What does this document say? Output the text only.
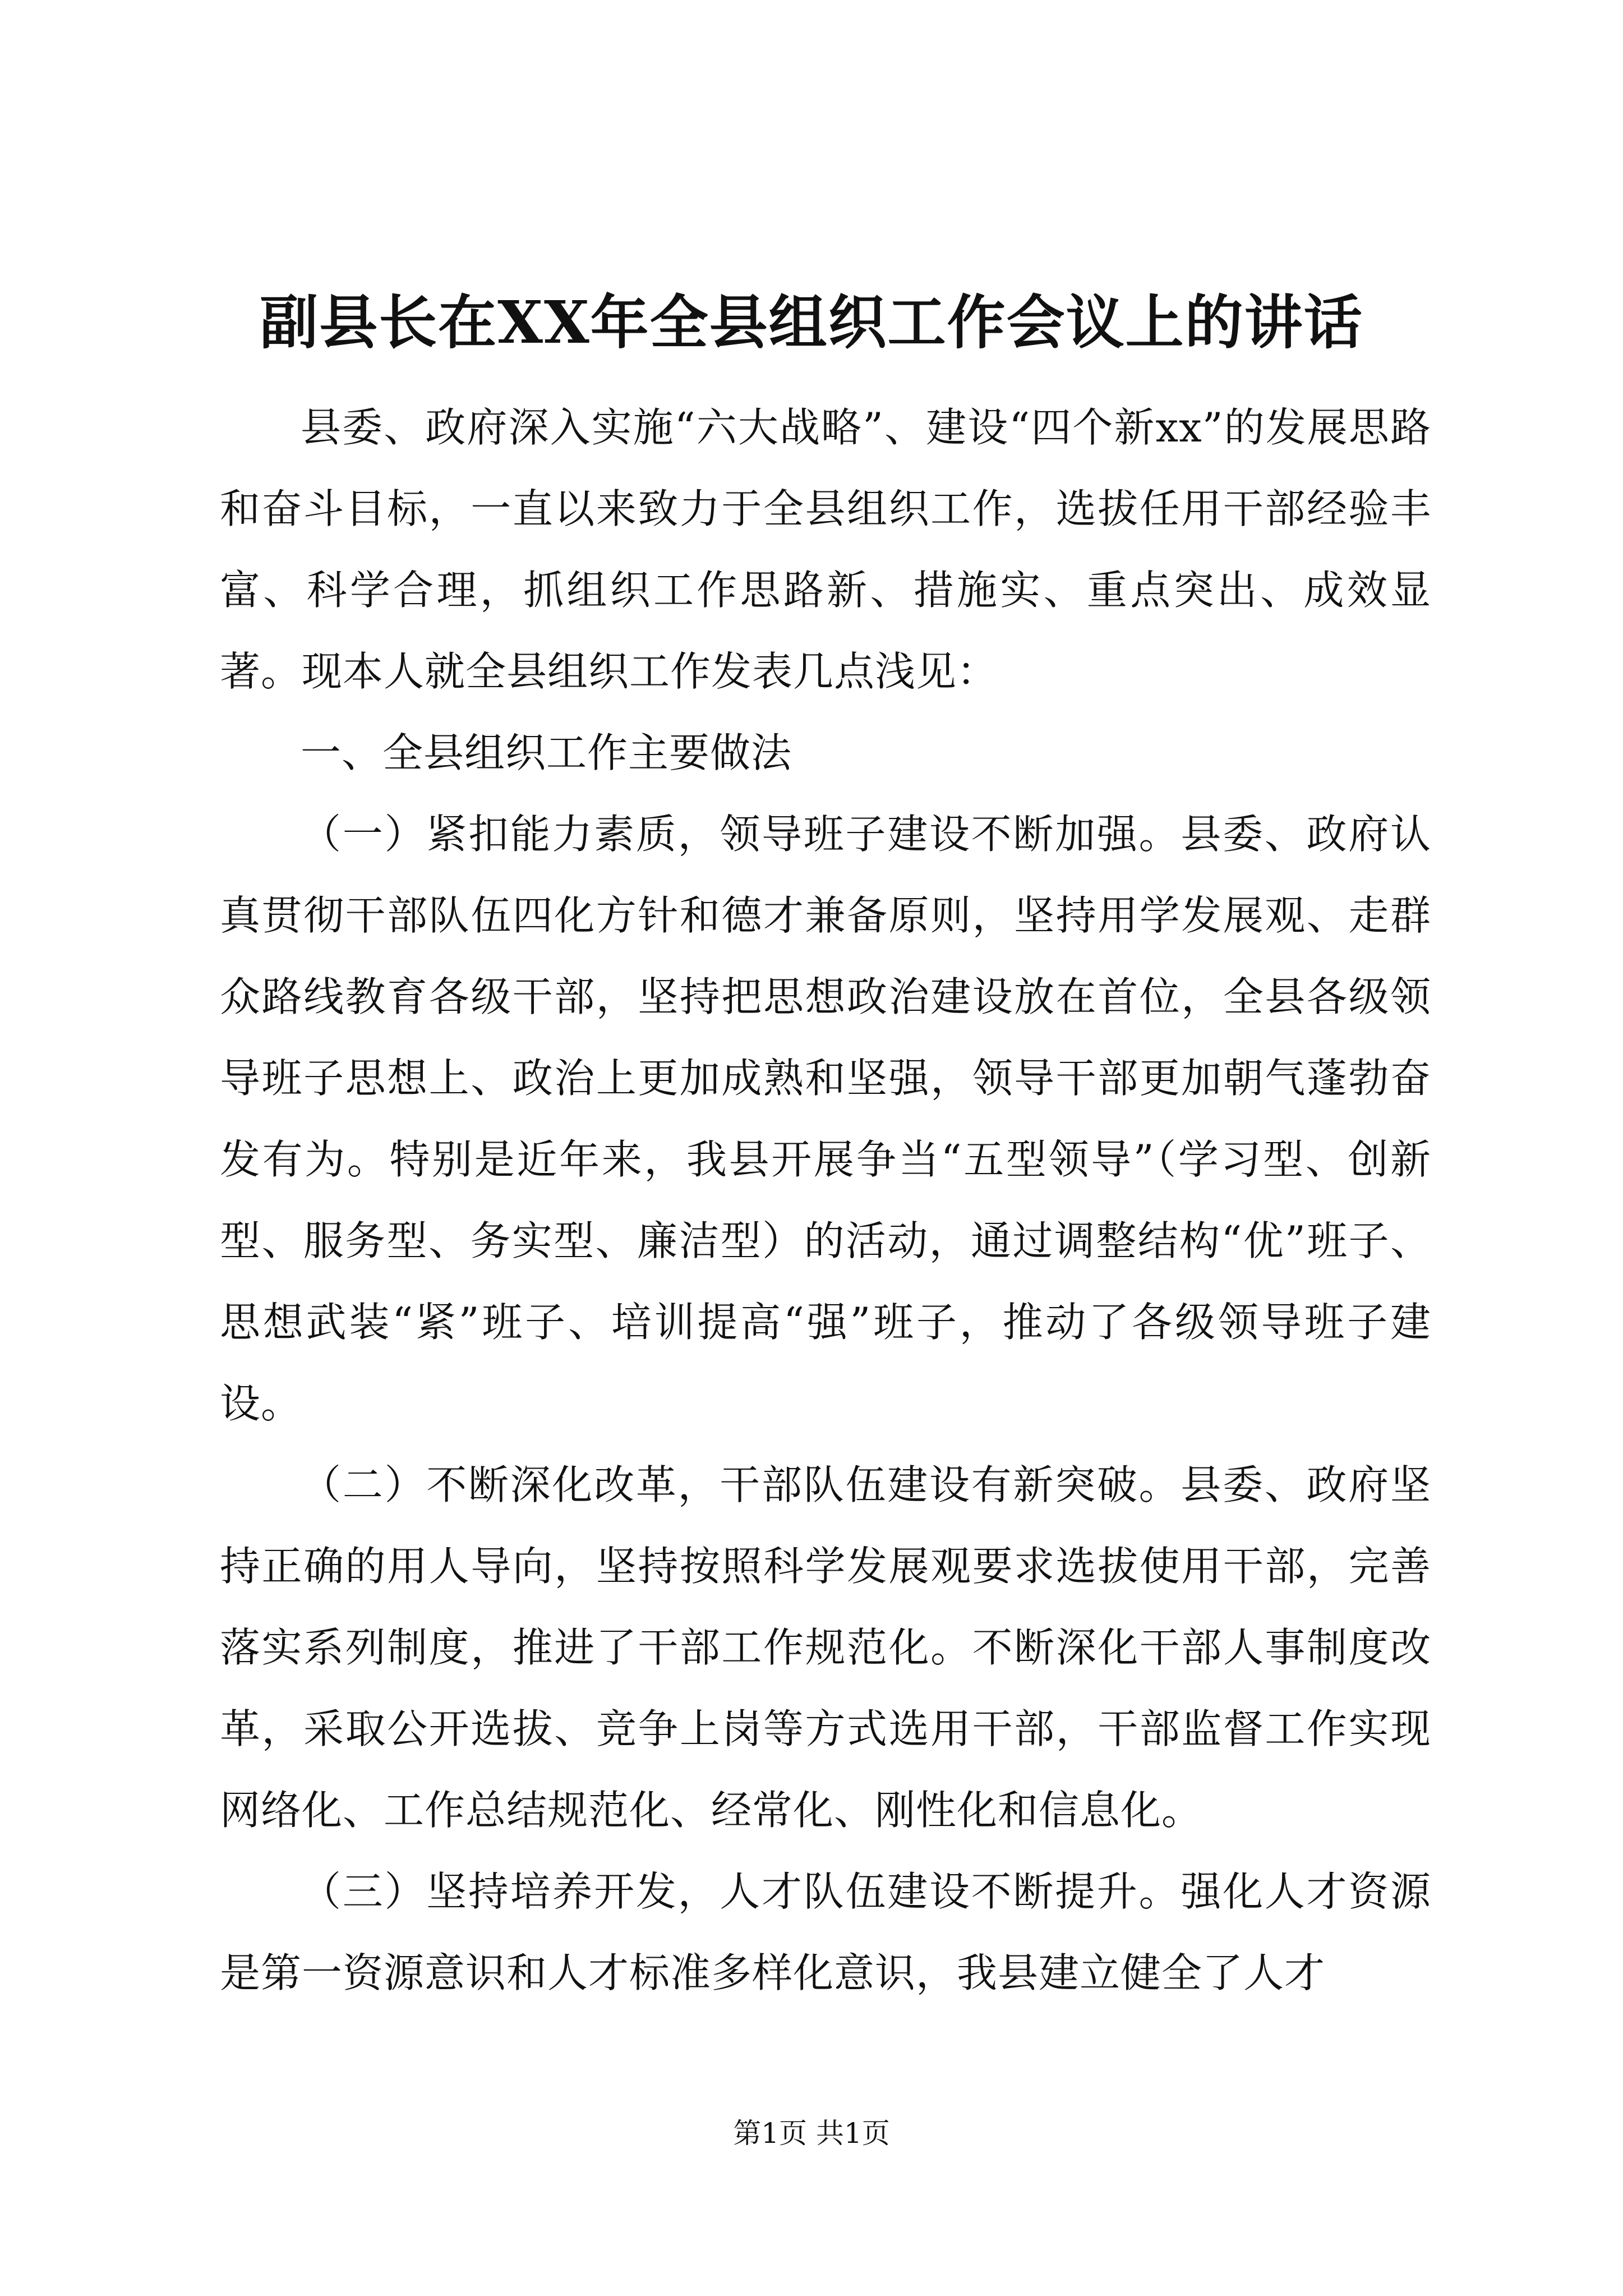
副县长在XX年全县组织工作会议上的讲话

县委、政府深入实施“六大战略”、建设“四个新xx”的发展思路和奋斗目标，一直以来致力于全县组织工作，选拔任用干部经验丰富、科学合理，抓组织工作思路新、措施实、重点突出、成效显著。现本人就全县组织工作发表几点浅见：

一、全县组织工作主要做法

（一）紧扣能力素质，领导班子建设不断加强。县委、政府认真贯彻干部队伍四化方针和德才兼备原则，坚持用学发展观、走群众路线教育各级干部，坚持把思想政治建设放在首位，全县各级领导班子思想上、政治上更加成熟和坚强，领导干部更加朝气蓬勃奋发有为。特别是近年来，我县开展争当“五型领导”（学习型、创新型、服务型、务实型、廉洁型）的活动，通过调整结构“优”班子、思想武装“紧”班子、培训提高“强”班子，推动了各级领导班子建设。

（二）不断深化改革，干部队伍建设有新突破。县委、政府坚持正确的用人导向，坚持按照科学发展观要求选拔使用干部，完善落实系列制度，推进了干部工作规范化。不断深化干部人事制度改革，采取公开选拔、竞争上岗等方式选用干部，干部监督工作实现网络化、工作总结规范化、经常化、刚性化和信息化。

（三）坚持培养开发，人才队伍建设不断提升。强化人才资源是第一资源意识和人才标准多样化意识，我县建立健全了人才

第1页 共1页
